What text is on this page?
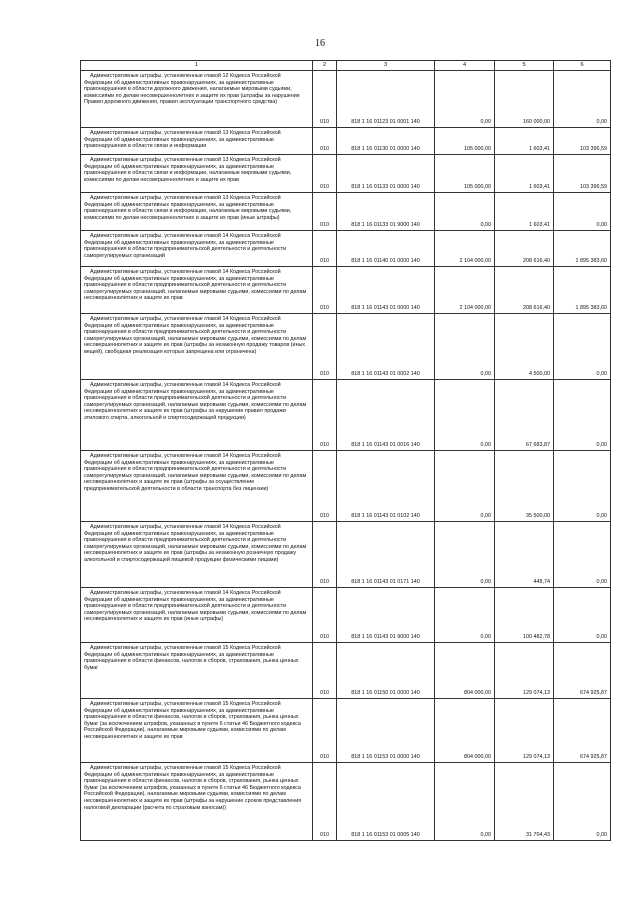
16
1	2	3	4	5	6

Административные штрафы, установленные главой 12 Кодекса Российской Федерации об административных правонарушениях, за административные правонарушения в области дорожного движения, налагаемые мировыми судьями, комиссиями по делам несовершеннолетних и защите их прав (штрафы за нарушение Правил дорожного движения, правил эксплуатации транспортного средства)	010	818 1 16 01123 01 0001 140	0,00	160 000,00	0,00

Административные штрафы, установленные главой 13 Кодекса Российской Федерации об административных правонарушениях, за административные правонарушения в области связи и информации	010	818 1 16 01130 01 0000 140	105 000,00	1 603,41	103 396,59

Административные штрафы, установленные главой 13 Кодекса Российской Федерации об административных правонарушениях, за административные правонарушения в области связи и информации, налагаемые мировыми судьями, комиссиями по делам несовершеннолетних и защите их прав	010	818 1 16 01133 01 0000 140	105 000,00	1 603,41	103 396,59

Административные штрафы, установленные главой 13 Кодекса Российской Федерации об административных правонарушениях, за административные правонарушения в области связи и информации, налагаемые мировыми судьями, комиссиями по делам несовершеннолетних и защите их прав (иные штрафы)	010	818 1 16 01133 01 9000 140	0,00	1 603,41	0,00

Административные штрафы, установленные главой 14 Кодекса Российской Федерации об административных правонарушениях, за административные правонарушения в области предпринимательской деятельности и деятельности саморегулируемых организаций	010	818 1 16 01140 01 0000 140	2 104 000,00	208 616,40	1 895 383,60

Административные штрафы, установленные главой 14 Кодекса Российской Федерации об административных правонарушениях, за административные правонарушения в области предпринимательской деятельности и деятельности саморегулируемых организаций, налагаемые мировыми судьями, комиссиями по делам несовершеннолетних и защите их прав	010	818 1 16 01143 01 0000 140	2 104 000,00	208 616,40	1 895 383,60

Административные штрафы, установленные главой 14 Кодекса Российской Федерации об административных правонарушениях, за административные правонарушения в области предпринимательской деятельности и деятельности саморегулируемых организаций, налагаемые мировыми судьями, комиссиями по делам несовершеннолетних и защите их прав (штрафы за незаконную продажу товаров (иных вещей), свободная реализация которых запрещена или ограничена)	010	818 1 16 01143 01 0002 140	0,00	4 500,00	0,00

Административные штрафы, установленные главой 14 Кодекса Российской Федерации об административных правонарушениях, за административные правонарушения в области предпринимательской деятельности и деятельности саморегулируемых организаций, налагаемые мировыми судьями, комиссиями по делам несовершеннолетних и защите их прав (штрафы за нарушение правил продажи этилового спирта, алкогольной и спиртосодержащей продукции)	010	818 1 16 01143 01 0016 140	0,00	67 683,87	0,00

Административные штрафы, установленные главой 14 Кодекса Российской Федерации об административных правонарушениях, за административные правонарушения в области предпринимательской деятельности и деятельности саморегулируемых организаций, налагаемые мировыми судьями, комиссиями по делам несовершеннолетних и защите их прав (штрафы за осуществление предпринимательской деятельности в области транспорта без лицензии)	010	818 1 16 01143 01 0102 140	0,00	35 500,00	0,00

Административные штрафы, установленные главой 14 Кодекса Российской Федерации об административных правонарушениях, за административные правонарушения в области предпринимательской деятельности и деятельности саморегулируемых организаций, налагаемые мировыми судьями, комиссиями по делам несовершеннолетних и защите их прав (штрафы за незаконную розничную продажу алкогольной и спиртосодержащей пищевой продукции физическими лицами)	010	818 1 16 01143 01 0171 140	0,00	448,74	0,00

Административные штрафы, установленные главой 14 Кодекса Российской Федерации об административных правонарушениях, за административные правонарушения в области предпринимательской деятельности и деятельности саморегулируемых организаций, налагаемые мировыми судьями, комиссиями по делам несовершеннолетних и защите их прав (иные штрафы)	010	818 1 16 01143 01 9000 140	0,00	100 482,78	0,00

Административные штрафы, установленные главой 15 Кодекса Российской Федерации об административных правонарушениях, за административные правонарушения в области финансов, налогов и сборов, страхования, рынка ценных бумаг	010	818 1 16 01150 01 0000 140	804 000,00	129 074,13	674 925,87

Административные штрафы, установленные главой 15 Кодекса Российской Федерации об административных правонарушениях, за административные правонарушения в области финансов, налогов и сборов, страхования, рынка ценных бумаг (за исключением штрафов, указанных в пункте 6 статьи 46 Бюджетного кодекса Российской Федерации), налагаемые мировыми судьями, комиссиями по делам несовершеннолетних и защите их прав	010	818 1 16 01153 01 0000 140	804 000,00	129 074,13	674 925,87

Административные штрафы, установленные главой 15 Кодекса Российской Федерации об административных правонарушениях, за административные правонарушения в области финансов, налогов и сборов, страхования, рынка ценных бумаг (за исключением штрафов, указанных в пункте 6 статьи 46 Бюджетного кодекса Российской Федерации), налагаемые мировыми судьями, комиссиями по делам несовершеннолетних и защите их прав (штрафы за нарушение сроков представления налоговой декларации (расчета по страховым взносам))	010	818 1 16 01153 01 0005 140	0,00	31 704,43	0,00
